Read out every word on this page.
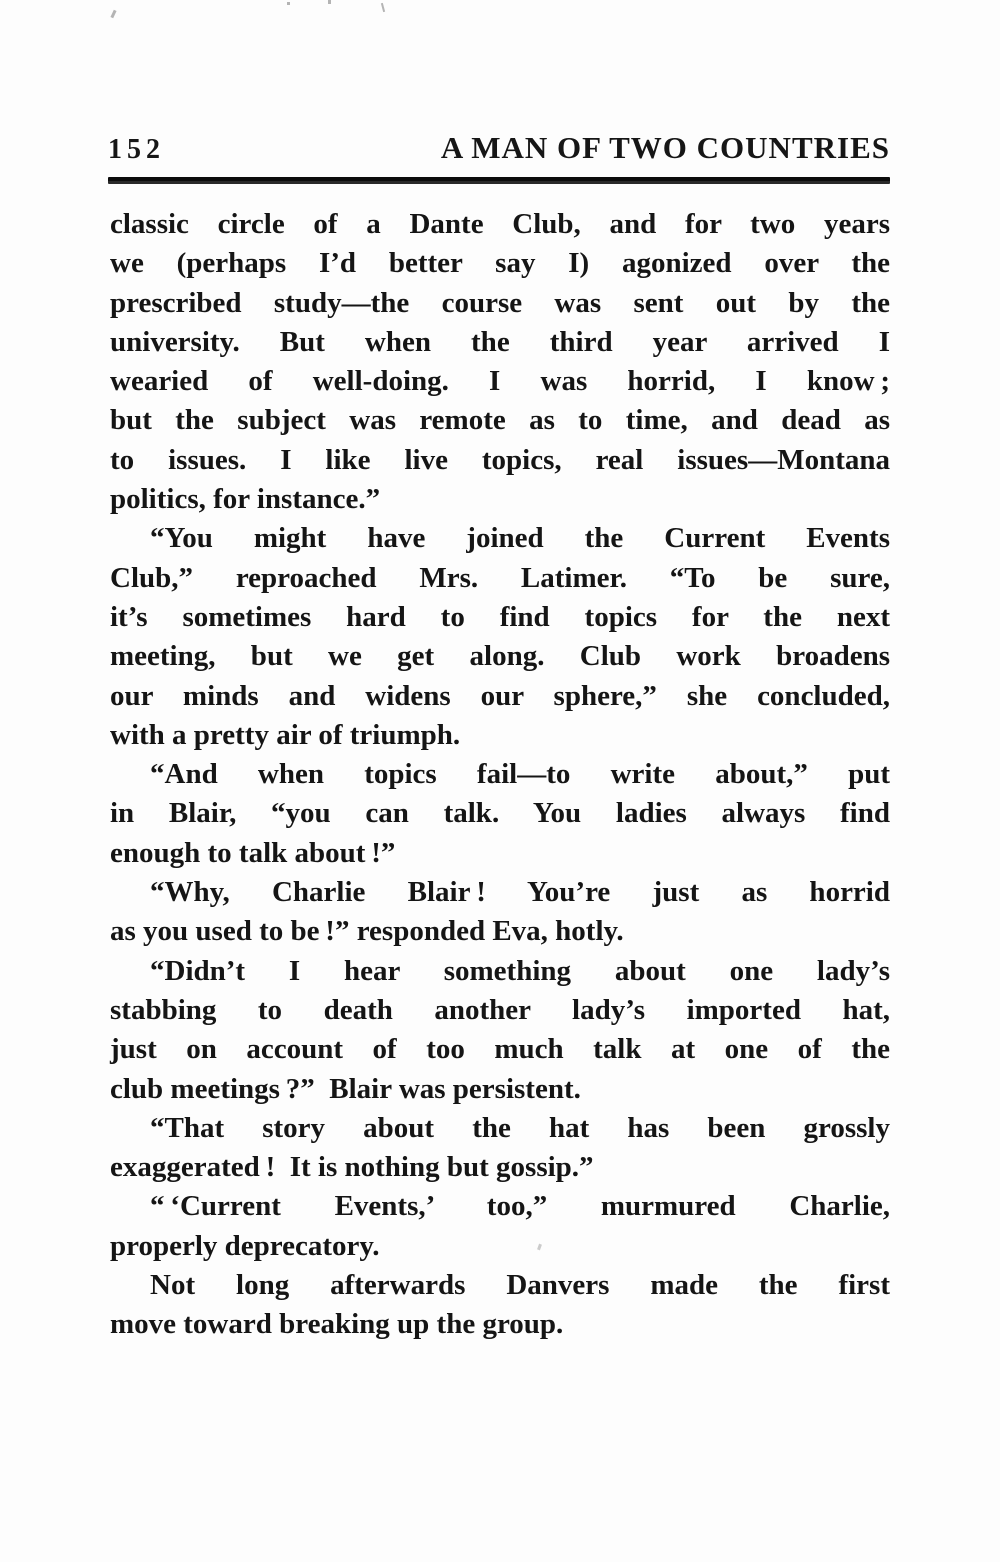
152	A MAN OF TWO COUNTRIES
classic circle of a Dante Club, and for two years
we (perhaps I’d better say I) agonized over the
prescribed study—the course was sent out by the
university. But when the third year arrived I
wearied of well-doing. I was horrid, I know ;
but the subject was remote as to time, and dead as
to issues. I like live topics, real issues—Montana
politics, for instance.”
“You might have joined the Current Events
Club,” reproached Mrs. Latimer. “To be sure,
it’s sometimes hard to find topics for the next
meeting, but we get along. Club work broadens
our minds and widens our sphere,” she concluded,
with a pretty air of triumph.
“And when topics fail—to write about,” put
in Blair, “you can talk. You ladies always find
enough to talk about !”
“Why, Charlie Blair ! You’re just as horrid
as you used to be !” responded Eva, hotly.
“Didn’t I hear something about one lady’s
stabbing to death another lady’s imported hat,
just on account of too much talk at one of the
club meetings ?” Blair was persistent.
“That story about the hat has been grossly
exaggerated ! It is nothing but gossip.”
“ ‘Current Events,’ too,” murmured Charlie,
properly deprecatory.
Not long afterwards Danvers made the first
move toward breaking up the group.
